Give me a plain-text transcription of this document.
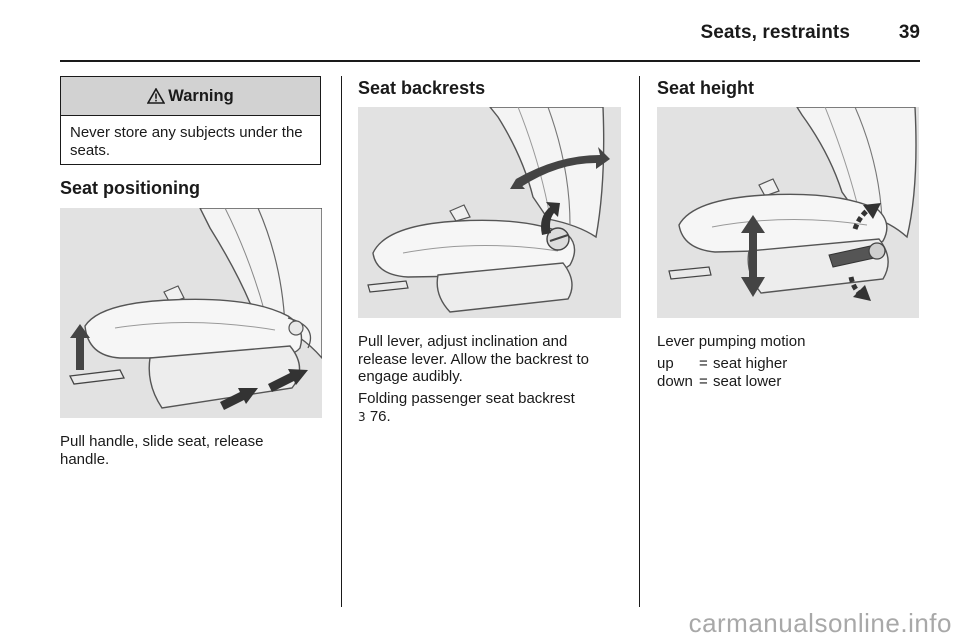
Seats, restraints	39
Warning
Never store any subjects under the seats.
Seat positioning
Pull handle, slide seat, release handle.
Seat backrests
Pull lever, adjust inclination and release lever. Allow the backrest to engage audibly.
Folding passenger seat backrest
3 76.
Seat height
Lever pumping motion
up	= seat higher
down = seat lower
carmanualsonline.info
